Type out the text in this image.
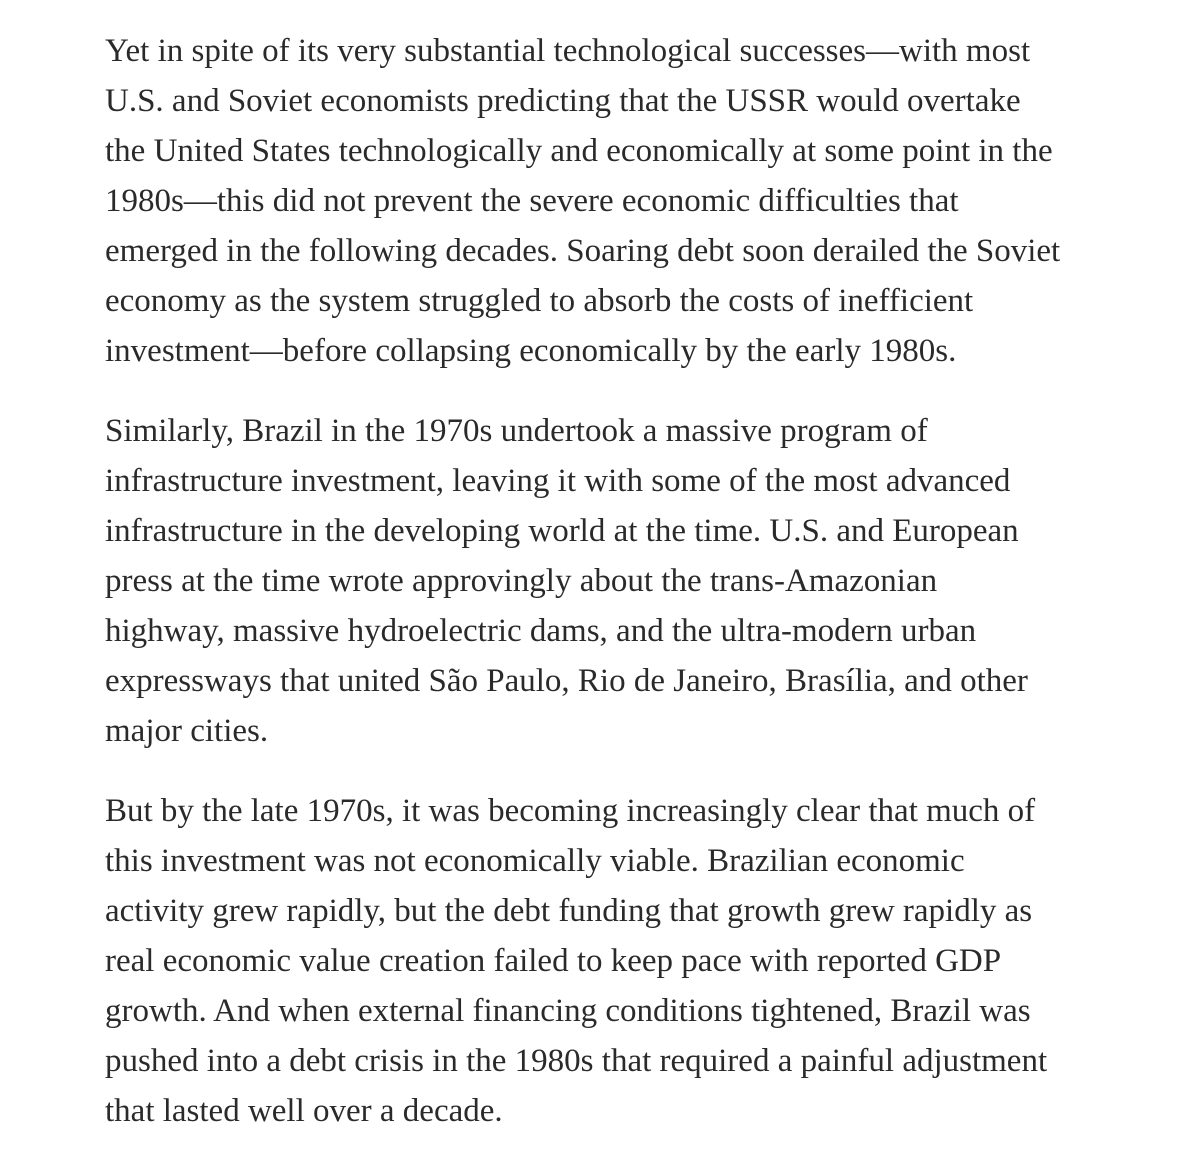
Yet in spite of its very substantial technological successes—with most
U.S. and Soviet economists predicting that the USSR would overtake
the United States technologically and economically at some point in the
1980s—this did not prevent the severe economic difficulties that
emerged in the following decades. Soaring debt soon derailed the Soviet
economy as the system struggled to absorb the costs of inefficient
investment—before collapsing economically by the early 1980s.

Similarly, Brazil in the 1970s undertook a massive program of
infrastructure investment, leaving it with some of the most advanced
infrastructure in the developing world at the time. U.S. and European
press at the time wrote approvingly about the trans-Amazonian
highway, massive hydroelectric dams, and the ultra-modern urban
expressways that united São Paulo, Rio de Janeiro, Brasília, and other
major cities.

But by the late 1970s, it was becoming increasingly clear that much of
this investment was not economically viable. Brazilian economic
activity grew rapidly, but the debt funding that growth grew rapidly as
real economic value creation failed to keep pace with reported GDP
growth. And when external financing conditions tightened, Brazil was
pushed into a debt crisis in the 1980s that required a painful adjustment
that lasted well over a decade.
